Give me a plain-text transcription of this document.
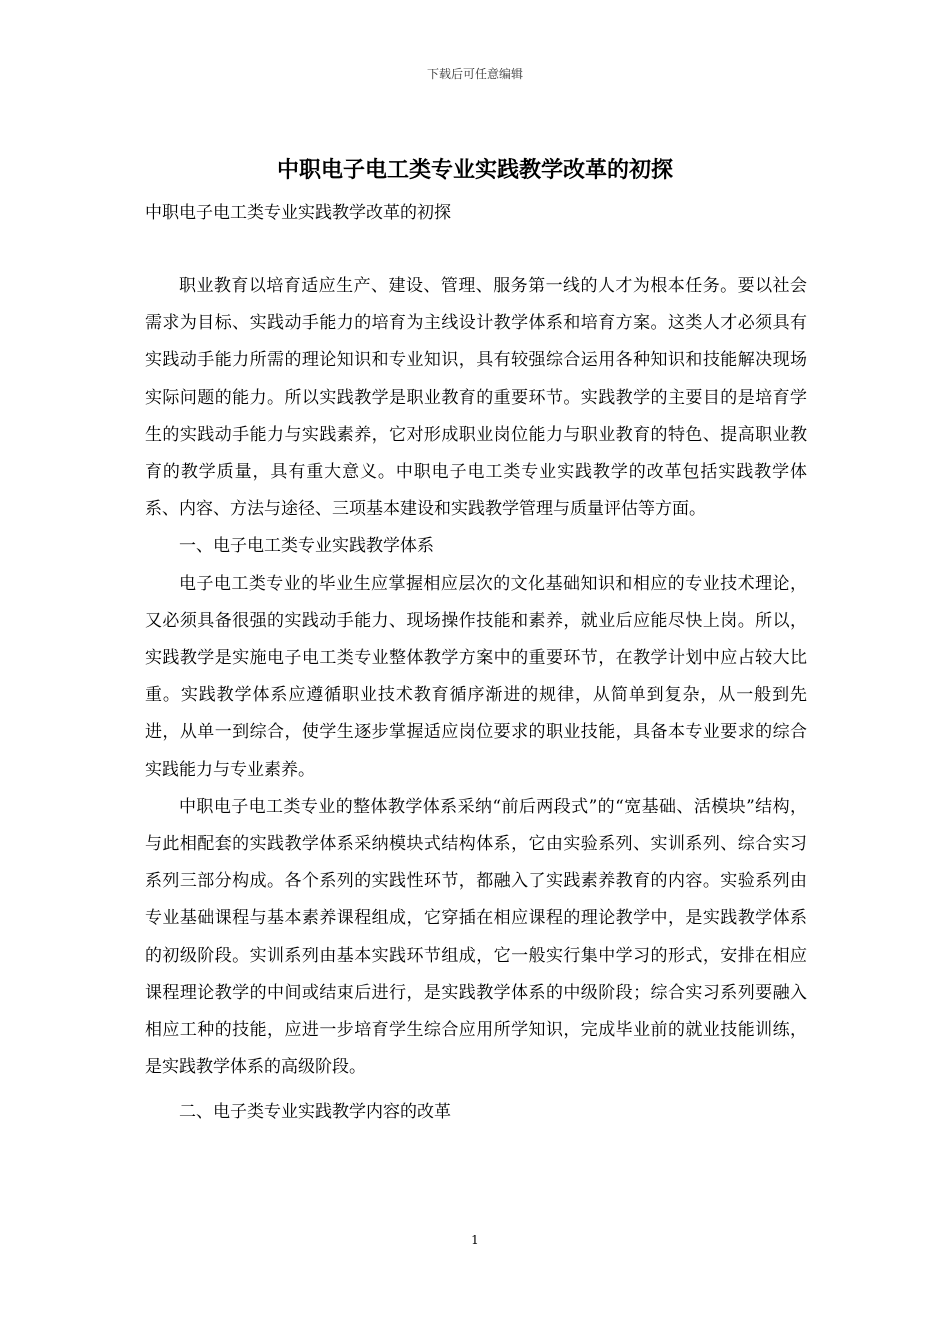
下载后可任意编辑
中职电子电工类专业实践教学改革的初探
中职电子电工类专业实践教学改革的初探

职业教育以培育适应生产、建设、管理、服务第一线的人才为根本任务。要以社会需求为目标、实践动手能力的培育为主线设计教学体系和培育方案。这类人才必须具有实践动手能力所需的理论知识和专业知识，具有较强综合运用各种知识和技能解决现场实际问题的能力。所以实践教学是职业教育的重要环节。实践教学的主要目的是培育学生的实践动手能力与实践素养，它对形成职业岗位能力与职业教育的特色、提高职业教育的教学质量，具有重大意义。中职电子电工类专业实践教学的改革包括实践教学体系、内容、方法与途径、三项基本建设和实践教学管理与质量评估等方面。

一、电子电工类专业实践教学体系

电子电工类专业的毕业生应掌握相应层次的文化基础知识和相应的专业技术理论，又必须具备很强的实践动手能力、现场操作技能和素养，就业后应能尽快上岗。所以，实践教学是实施电子电工类专业整体教学方案中的重要环节，在教学计划中应占较大比重。实践教学体系应遵循职业技术教育循序渐进的规律，从简单到复杂，从一般到先进，从单一到综合，使学生逐步掌握适应岗位要求的职业技能，具备本专业要求的综合实践能力与专业素养。

中职电子电工类专业的整体教学体系采纳“前后两段式”的“宽基础、活模块”结构，与此相配套的实践教学体系采纳模块式结构体系，它由实验系列、实训系列、综合实习系列三部分构成。各个系列的实践性环节，都融入了实践素养教育的内容。实验系列由专业基础课程与基本素养课程组成，它穿插在相应课程的理论教学中，是实践教学体系的初级阶段。实训系列由基本实践环节组成，它一般实行集中学习的形式，安排在相应课程理论教学的中间或结束后进行，是实践教学体系的中级阶段；综合实习系列要融入相应工种的技能，应进一步培育学生综合应用所学知识，完成毕业前的就业技能训练，是实践教学体系的高级阶段。

二、电子类专业实践教学内容的改革

1
